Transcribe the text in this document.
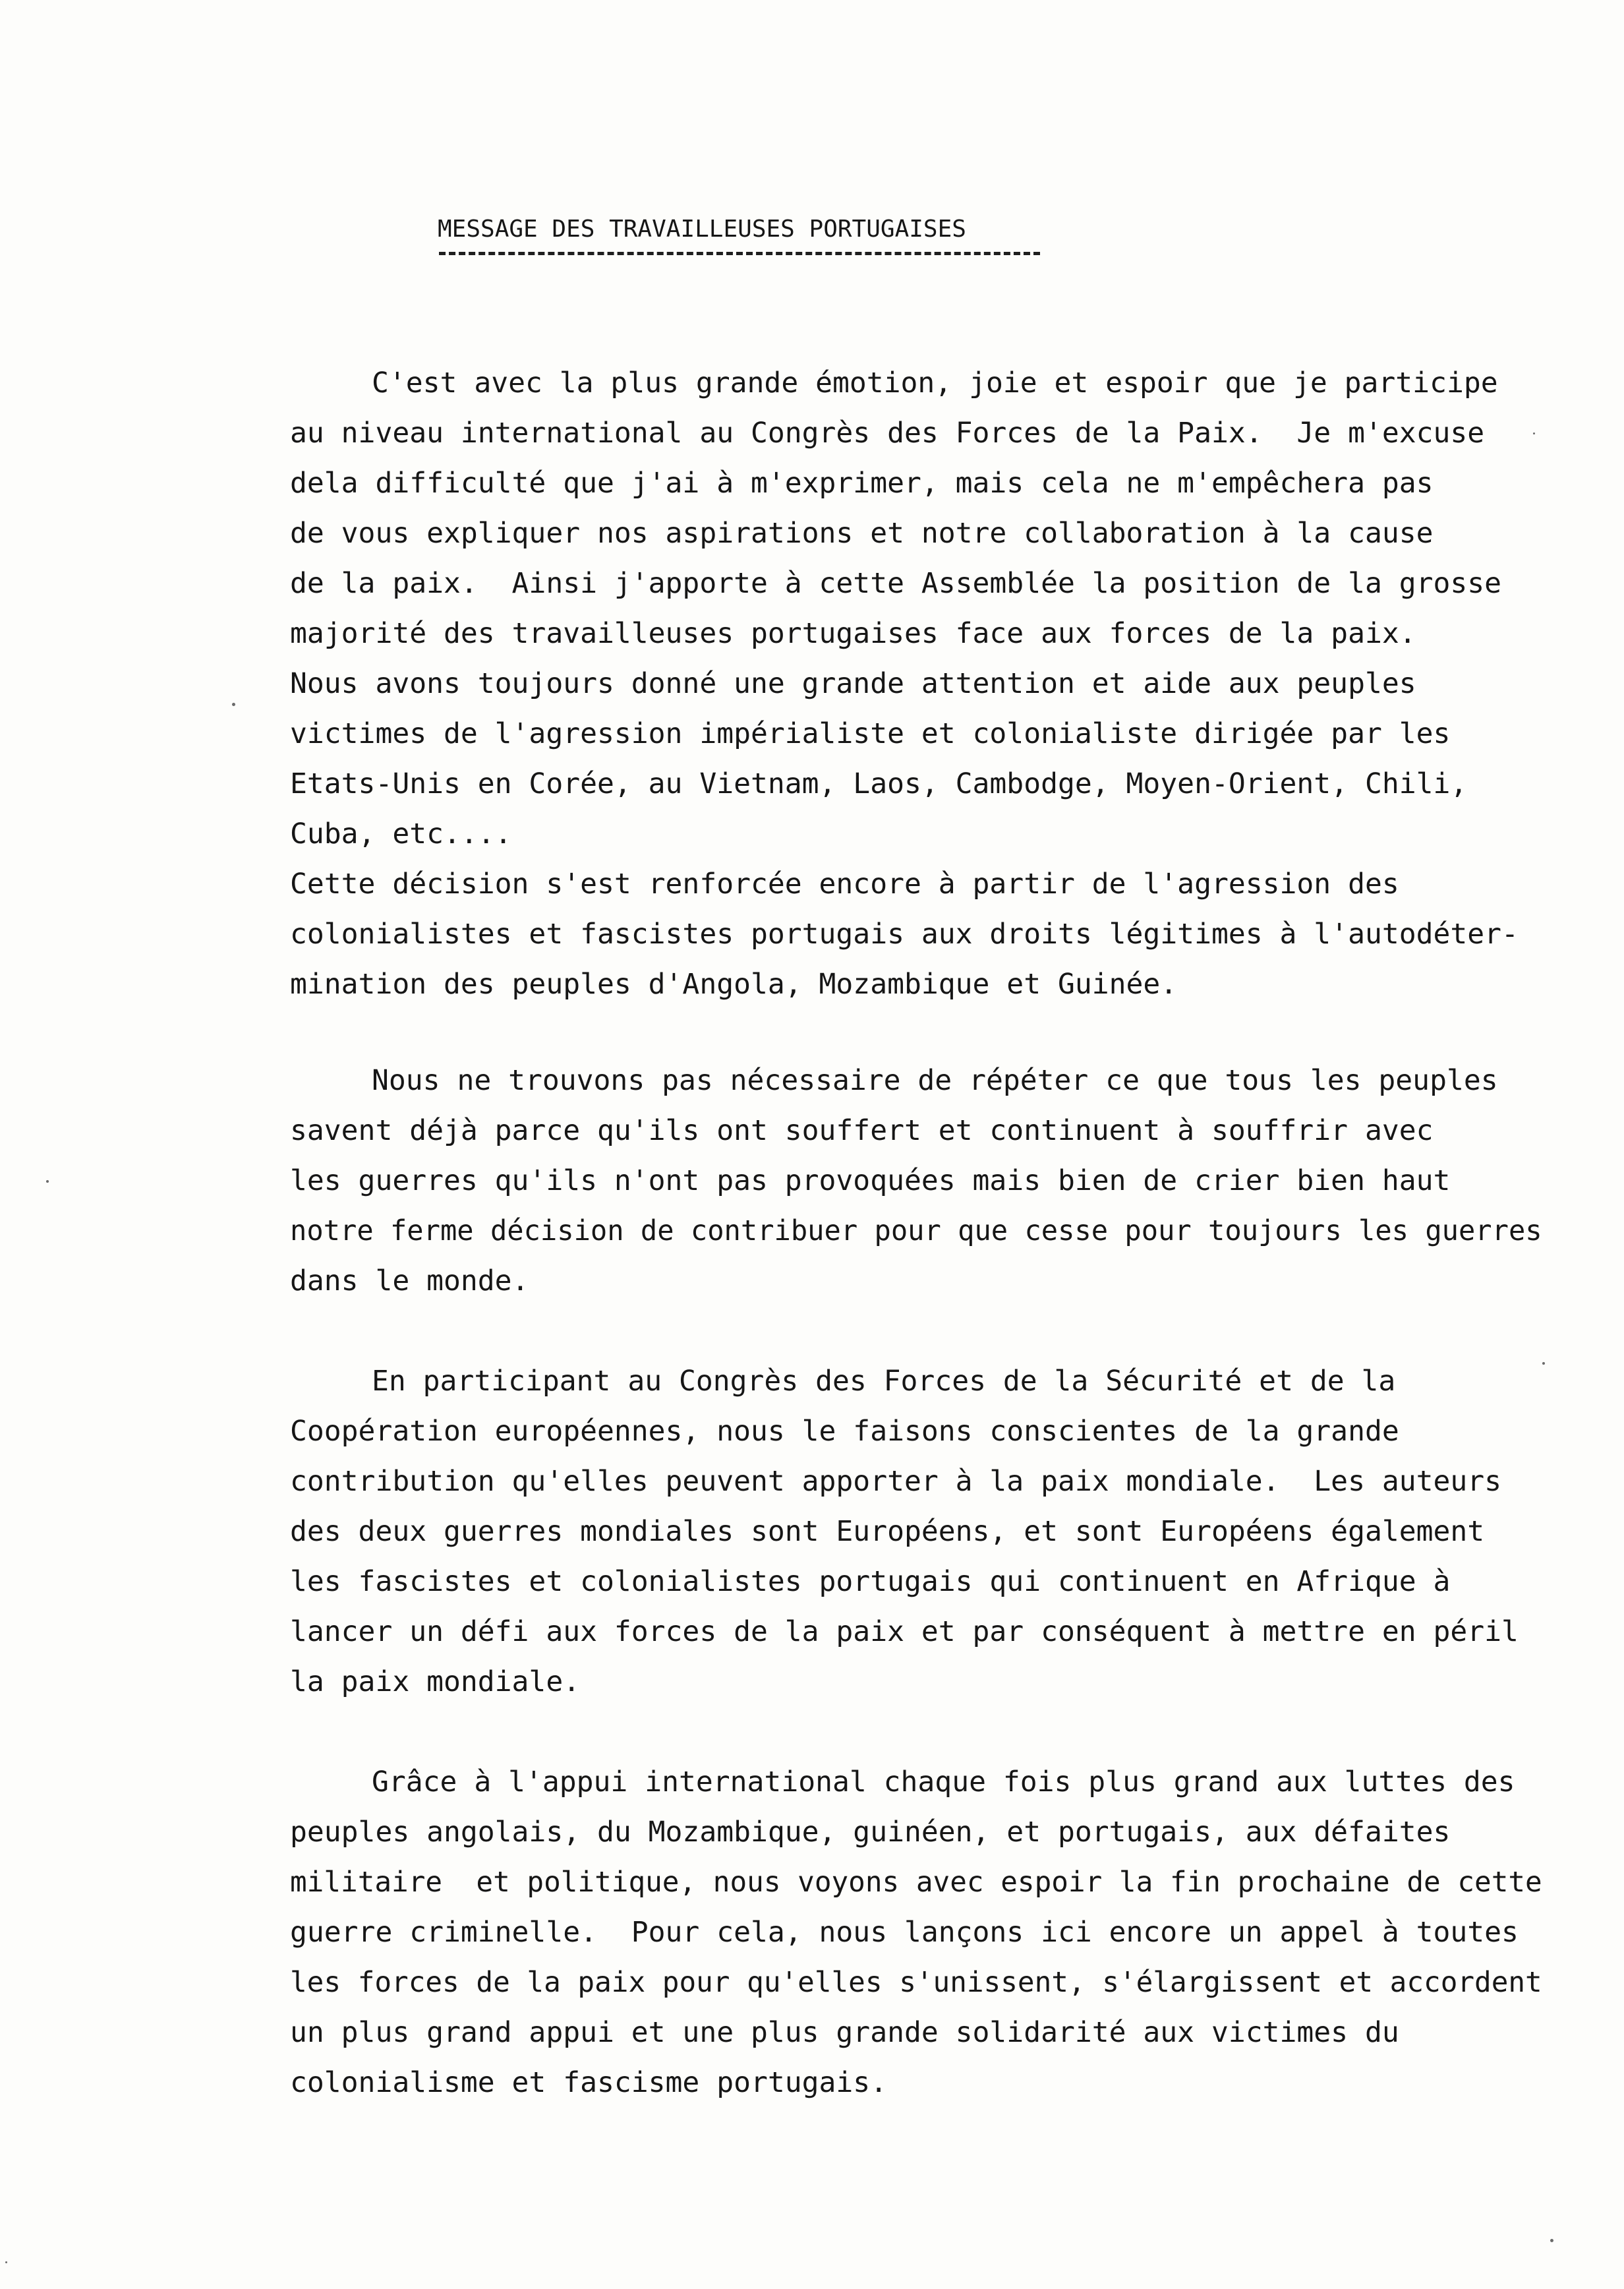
MESSAGE DES TRAVAILLEUSES PORTUGAISES
C'est avec la plus grande émotion, joie et espoir que je participe
au niveau international au Congrès des Forces de la Paix.  Je m'excuse
dela difficulté que j'ai à m'exprimer, mais cela ne m'empêchera pas
de vous expliquer nos aspirations et notre collaboration à la cause
de la paix.  Ainsi j'apporte à cette Assemblée la position de la grosse
majorité des travailleuses portugaises face aux forces de la paix.
Nous avons toujours donné une grande attention et aide aux peuples
victimes de l'agression impérialiste et colonialiste dirigée par les
Etats-Unis en Corée, au Vietnam, Laos, Cambodge, Moyen-Orient, Chili,
Cuba, etc....
Cette décision s'est renforcée encore à partir de l'agression des
colonialistes et fascistes portugais aux droits légitimes à l'autodéter-
mination des peuples d'Angola, Mozambique et Guinée.
Nous ne trouvons pas nécessaire de répéter ce que tous les peuples
savent déjà parce qu'ils ont souffert et continuent à souffrir avec
les guerres qu'ils n'ont pas provoquées mais bien de crier bien haut
notre ferme décision de contribuer pour que cesse pour toujours les guerres
dans le monde.
En participant au Congrès des Forces de la Sécurité et de la
Coopération européennes, nous le faisons conscientes de la grande
contribution qu'elles peuvent apporter à la paix mondiale.  Les auteurs
des deux guerres mondiales sont Européens, et sont Européens également
les fascistes et colonialistes portugais qui continuent en Afrique à
lancer un défi aux forces de la paix et par conséquent à mettre en péril
la paix mondiale.
Grâce à l'appui international chaque fois plus grand aux luttes des
peuples angolais, du Mozambique, guinéen, et portugais, aux défaites
militaire  et politique, nous voyons avec espoir la fin prochaine de cette
guerre criminelle.  Pour cela, nous lançons ici encore un appel à toutes
les forces de la paix pour qu'elles s'unissent, s'élargissent et accordent
un plus grand appui et une plus grande solidarité aux victimes du
colonialisme et fascisme portugais.
